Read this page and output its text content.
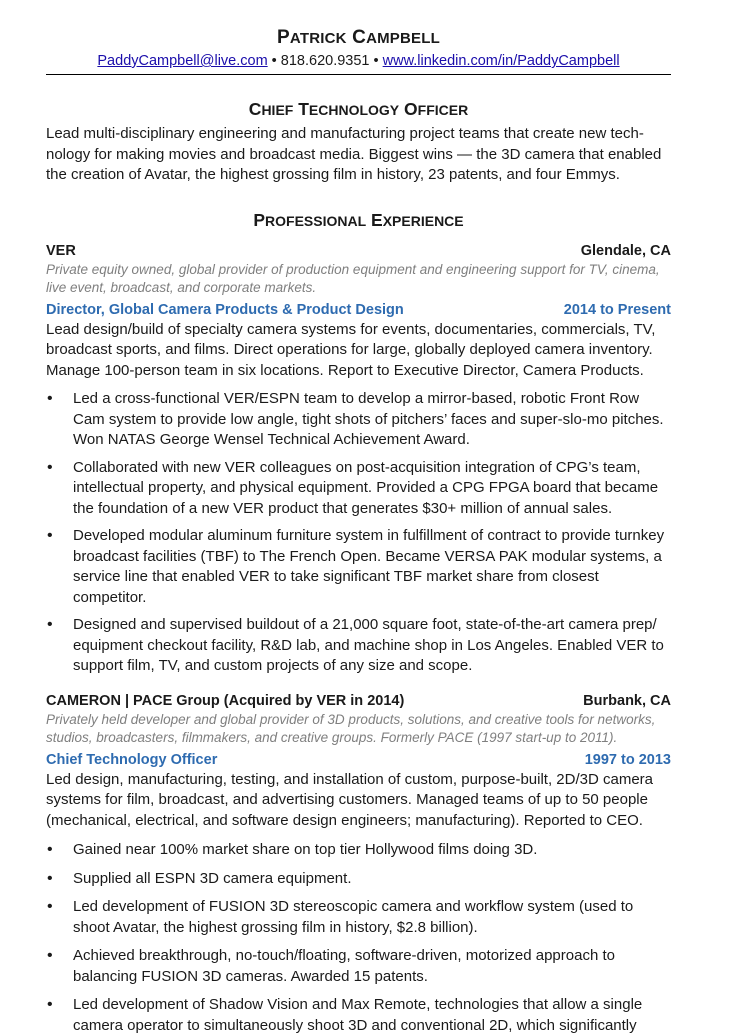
PATRICK CAMPBELL
PaddyCampbell@live.com • 818.620.9351 • www.linkedin.com/in/PaddyCampbell
CHIEF TECHNOLOGY OFFICER
Lead multi-disciplinary engineering and manufacturing project teams that create new tech- nology for making movies and broadcast media. Biggest wins — the 3D camera that enabled the creation of Avatar, the highest grossing film in history, 23 patents, and four Emmys.
PROFESSIONAL EXPERIENCE
VER	Glendale, CA
Private equity owned, global provider of production equipment and engineering support for TV, cinema, live event, broadcast, and corporate markets.
Director, Global Camera Products & Product Design	2014 to Present
Lead design/build of specialty camera systems for events, documentaries, commercials, TV, broadcast sports, and films. Direct operations for large, globally deployed camera inventory. Manage 100-person team in six locations. Report to Executive Director, Camera Products.
• Led a cross-functional VER/ESPN team to develop a mirror-based, robotic Front Row Cam system to provide low angle, tight shots of pitchers’ faces and super-slo-mo pitches. Won NATAS George Wensel Technical Achievement Award.
• Collaborated with new VER colleagues on post-acquisition integration of CPG’s team, intellectual property, and physical equipment. Provided a CPG FPGA board that became the foundation of a new VER product that generates $30+ million of annual sales.
• Developed modular aluminum furniture system in fulfillment of contract to provide turnkey broadcast facilities (TBF) to The French Open. Became VERSA PAK modular systems, a service line that enabled VER to take significant TBF market share from closest competitor.
• Designed and supervised buildout of a 21,000 square foot, state-of-the-art camera prep/ equipment checkout facility, R&D lab, and machine shop in Los Angeles. Enabled VER to support film, TV, and custom projects of any size and scope.
CAMERON | PACE Group (Acquired by VER in 2014)	Burbank, CA
Privately held developer and global provider of 3D products, solutions, and creative tools for networks, studios, broadcasters, filmmakers, and creative groups. Formerly PACE (1997 start-up to 2011).
Chief Technology Officer	1997 to 2013
Led design, manufacturing, testing, and installation of custom, purpose-built, 2D/3D camera systems for film, broadcast, and advertising customers. Managed teams of up to 50 people (mechanical, electrical, and software design engineers; manufacturing). Reported to CEO.
• Gained near 100% market share on top tier Hollywood films doing 3D.
• Supplied all ESPN 3D camera equipment.
• Led development of FUSION 3D stereoscopic camera and workflow system (used to shoot Avatar, the highest grossing film in history, $2.8 billion).
• Achieved breakthrough, no-touch/floating, software-driven, motorized approach to balancing FUSION 3D cameras. Awarded 15 patents.
• Led development of Shadow Vision and Max Remote, technologies that allow a single camera operator to simultaneously shoot 3D and conventional 2D, which significantly
